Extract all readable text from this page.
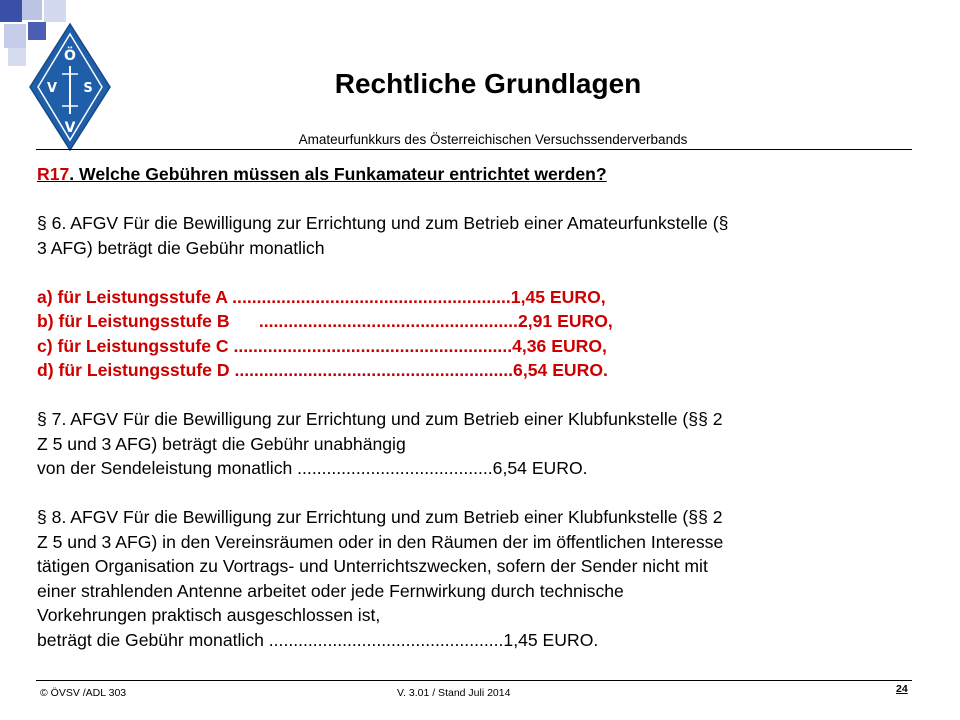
Ö
V S
V
Rechtliche Grundlagen
Amateurfunkkurs des Österreichischen Versuchssenderverbands
R17. Welche Gebühren müssen als Funkamateur entrichtet werden?
§ 6. AFGV Für die Bewilligung zur Errichtung und zum Betrieb einer Amateurfunkstelle (§
3 AFG) beträgt die Gebühr monatlich
a) für Leistungsstufe A .........................................................1,45 EURO,
b) für Leistungsstufe B      .....................................................2,91 EURO,
c) für Leistungsstufe C .........................................................4,36 EURO,
d) für Leistungsstufe D .........................................................6,54 EURO.
§ 7. AFGV Für die Bewilligung zur Errichtung und zum Betrieb einer Klubfunkstelle (§§ 2
Z 5 und 3 AFG) beträgt die Gebühr unabhängig
von der Sendeleistung monatlich ........................................6,54 EURO.
§ 8. AFGV Für die Bewilligung zur Errichtung und zum Betrieb einer Klubfunkstelle (§§ 2
Z 5 und 3 AFG) in den Vereinsräumen oder in den Räumen der im öffentlichen Interesse
tätigen Organisation zu Vortrags- und Unterrichtszwecken, sofern der Sender nicht mit
einer strahlenden Antenne arbeitet oder jede Fernwirkung durch technische
Vorkehrungen praktisch ausgeschlossen ist,
beträgt die Gebühr monatlich ................................................1,45 EURO.
© ÖVSV /ADL 303	V. 3.01 / Stand Juli 2014	24
